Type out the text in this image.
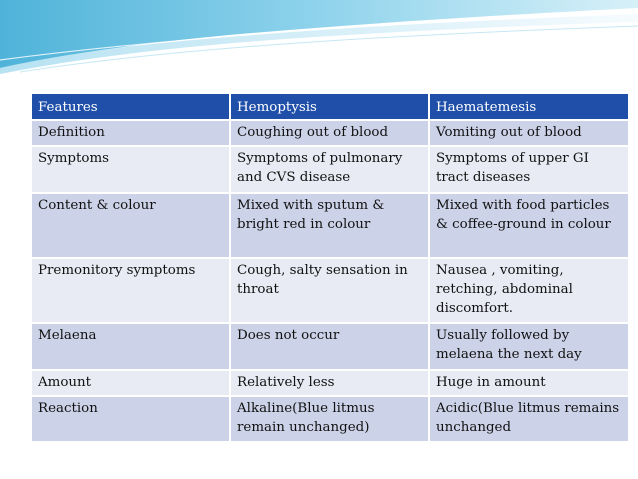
Features	Hemoptysis	Haematemesis
Definition	Coughing out of blood	Vomiting out of blood
Symptoms	Symptoms of pulmonary and CVS disease	Symptoms of upper GI tract diseases
Content & colour	Mixed with sputum & bright red in colour	Mixed with food particles & coffee-ground in colour
Premonitory symptoms	Cough, salty sensation in throat	Nausea , vomiting, retching, abdominal discomfort.
Melaena	Does not occur	Usually followed by melaena the next day
Amount	Relatively less	Huge in amount
Reaction	Alkaline(Blue litmus remain unchanged)	Acidic(Blue litmus remains unchanged
